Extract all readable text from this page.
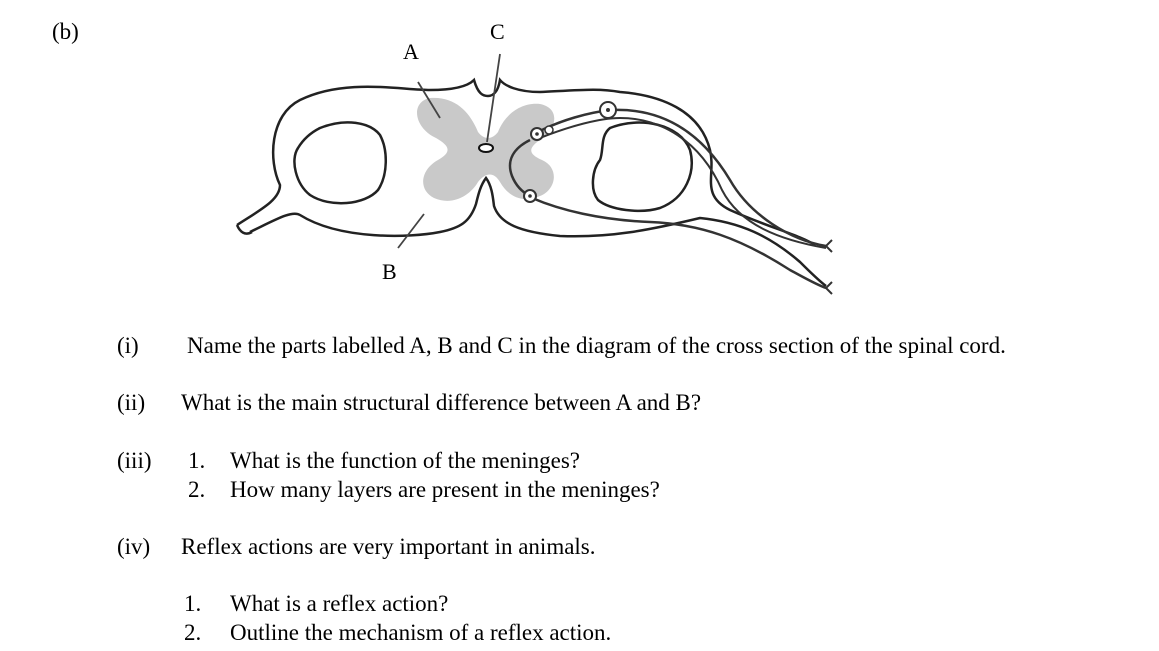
(b)
A
B
C
(i) Name the parts labelled A, B and C in the diagram of the cross section of the spinal cord.
(ii) What is the main structural difference between A and B?
(iii) 1. What is the function of the meninges?
2. How many layers are present in the meninges?
(iv) Reflex actions are very important in animals.
1. What is a reflex action?
2. Outline the mechanism of a reflex action.
